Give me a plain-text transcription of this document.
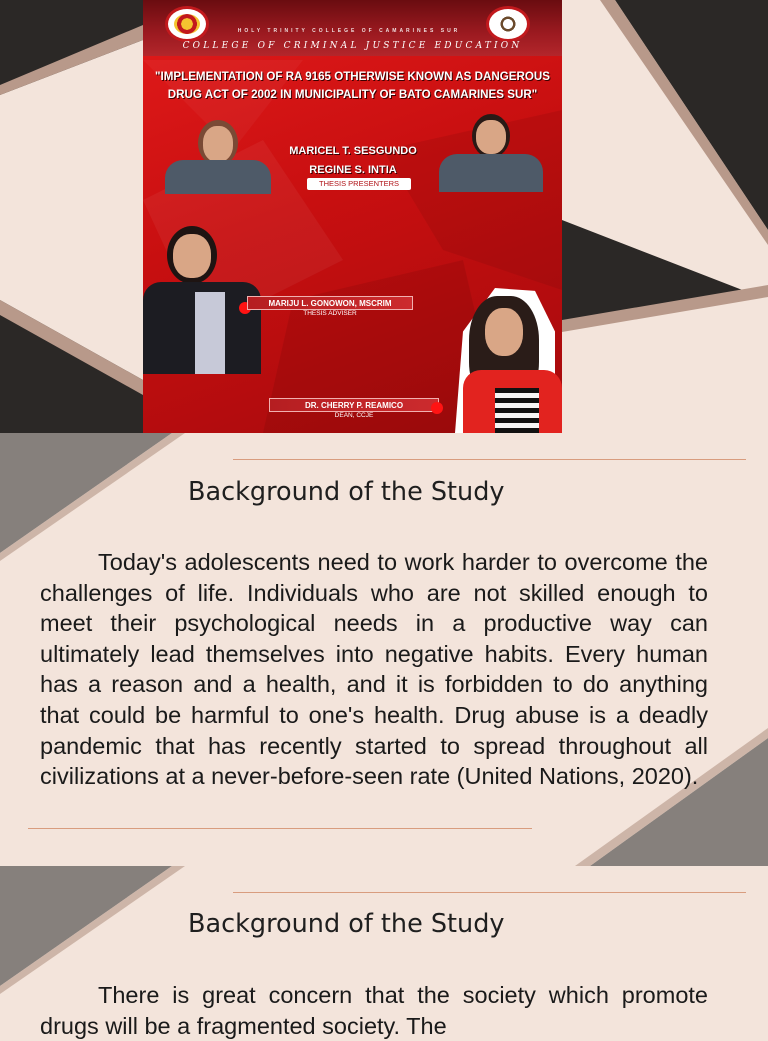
HOLY TRINITY COLLEGE OF CAMARINES SUR
COLLEGE OF CRIMINAL JUSTICE EDUCATION
"IMPLEMENTATION OF RA 9165 OTHERWISE KNOWN AS DANGEROUS DRUG ACT OF 2002 IN MUNICIPALITY OF BATO CAMARINES SUR"
MARICEL T. SESGUNDO
REGINE S. INTIA
THESIS PRESENTERS
MARIJU L. GONOWON, MSCRIM
THESIS ADVISER
DR. CHERRY P. REAMICO
DEAN, CCJE
Background of the Study

Today's adolescents need to work harder to overcome the challenges of life. Individuals who are not skilled enough to meet their psychological needs in a productive way can ultimately lead themselves into negative habits. Every human has a reason and a health, and it is forbidden to do anything that could be harmful to one's health. Drug abuse is a deadly pandemic that has recently started to spread throughout all civilizations at a never-before-seen rate (United Nations, 2020).

Background of the Study

There is great concern that the society which promote drugs will be a fragmented society. The
